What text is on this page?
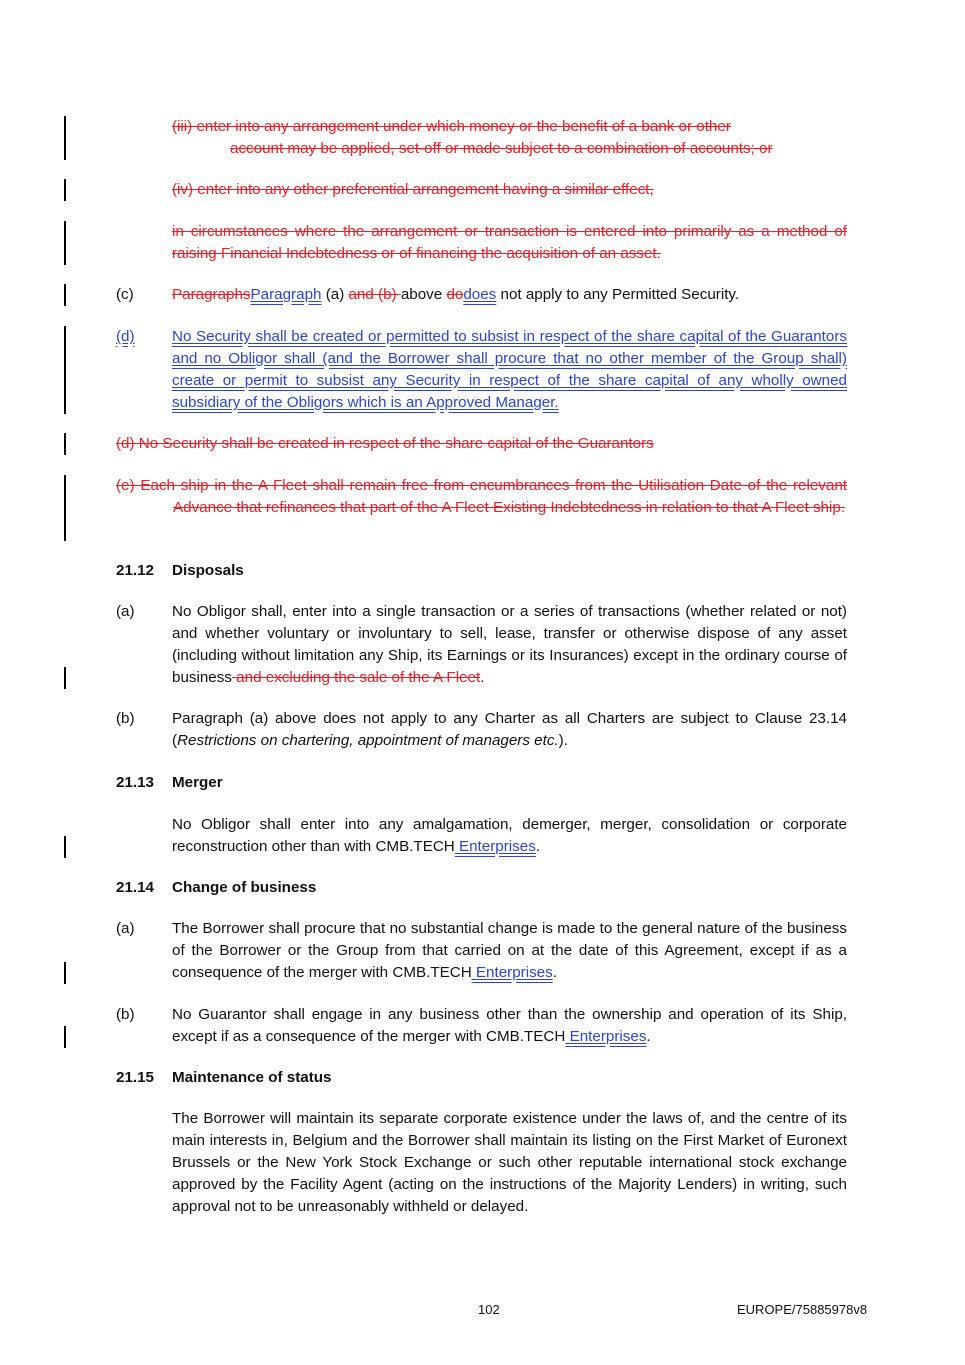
(iii) enter into any arrangement under which money or the benefit of a bank or other
account may be applied, set-off or made subject to a combination of accounts; or
(iv) enter into any other preferential arrangement having a similar effect,
in circumstances where the arrangement or transaction is entered into primarily as a method of raising Financial Indebtedness or of financing the acquisition of an asset.
(c)	ParagraphsParagraph (a) and (b) above dodoes not apply to any Permitted Security.
(d) No Security shall be created or permitted to subsist in respect of the share capital of the Guarantors and no Obligor shall (and the Borrower shall procure that no other member of the Group shall) create or permit to subsist any Security in respect of the share capital of any wholly owned subsidiary of the Obligors which is an Approved Manager.
(d) No Security shall be created in respect of the share capital of the Guarantors
(e) Each ship in the A Fleet shall remain free from encumbrances from the Utilisation Date of the relevant Advance that refinances that part of the A Fleet Existing Indebtedness in relation to that A Fleet ship.
21.12 Disposals
(a) No Obligor shall, enter into a single transaction or a series of transactions (whether related or not) and whether voluntary or involuntary to sell, lease, transfer or otherwise dispose of any asset (including without limitation any Ship, its Earnings or its Insurances) except in the ordinary course of business and excluding the sale of the A Fleet.
(b) Paragraph (a) above does not apply to any Charter as all Charters are subject to Clause 23.14 (Restrictions on chartering, appointment of managers etc.).
21.13 Merger
No Obligor shall enter into any amalgamation, demerger, merger, consolidation or corporate reconstruction other than with CMB.TECH Enterprises.
21.14 Change of business
(a) The Borrower shall procure that no substantial change is made to the general nature of the business of the Borrower or the Group from that carried on at the date of this Agreement, except if as a consequence of the merger with CMB.TECH Enterprises.
(b) No Guarantor shall engage in any business other than the ownership and operation of its Ship, except if as a consequence of the merger with CMB.TECH Enterprises.
21.15 Maintenance of status
The Borrower will maintain its separate corporate existence under the laws of, and the centre of its main interests in, Belgium and the Borrower shall maintain its listing on the First Market of Euronext Brussels or the New York Stock Exchange or such other reputable international stock exchange approved by the Facility Agent (acting on the instructions of the Majority Lenders) in writing, such approval not to be unreasonably withheld or delayed.
102	EUROPE/75885978v8
